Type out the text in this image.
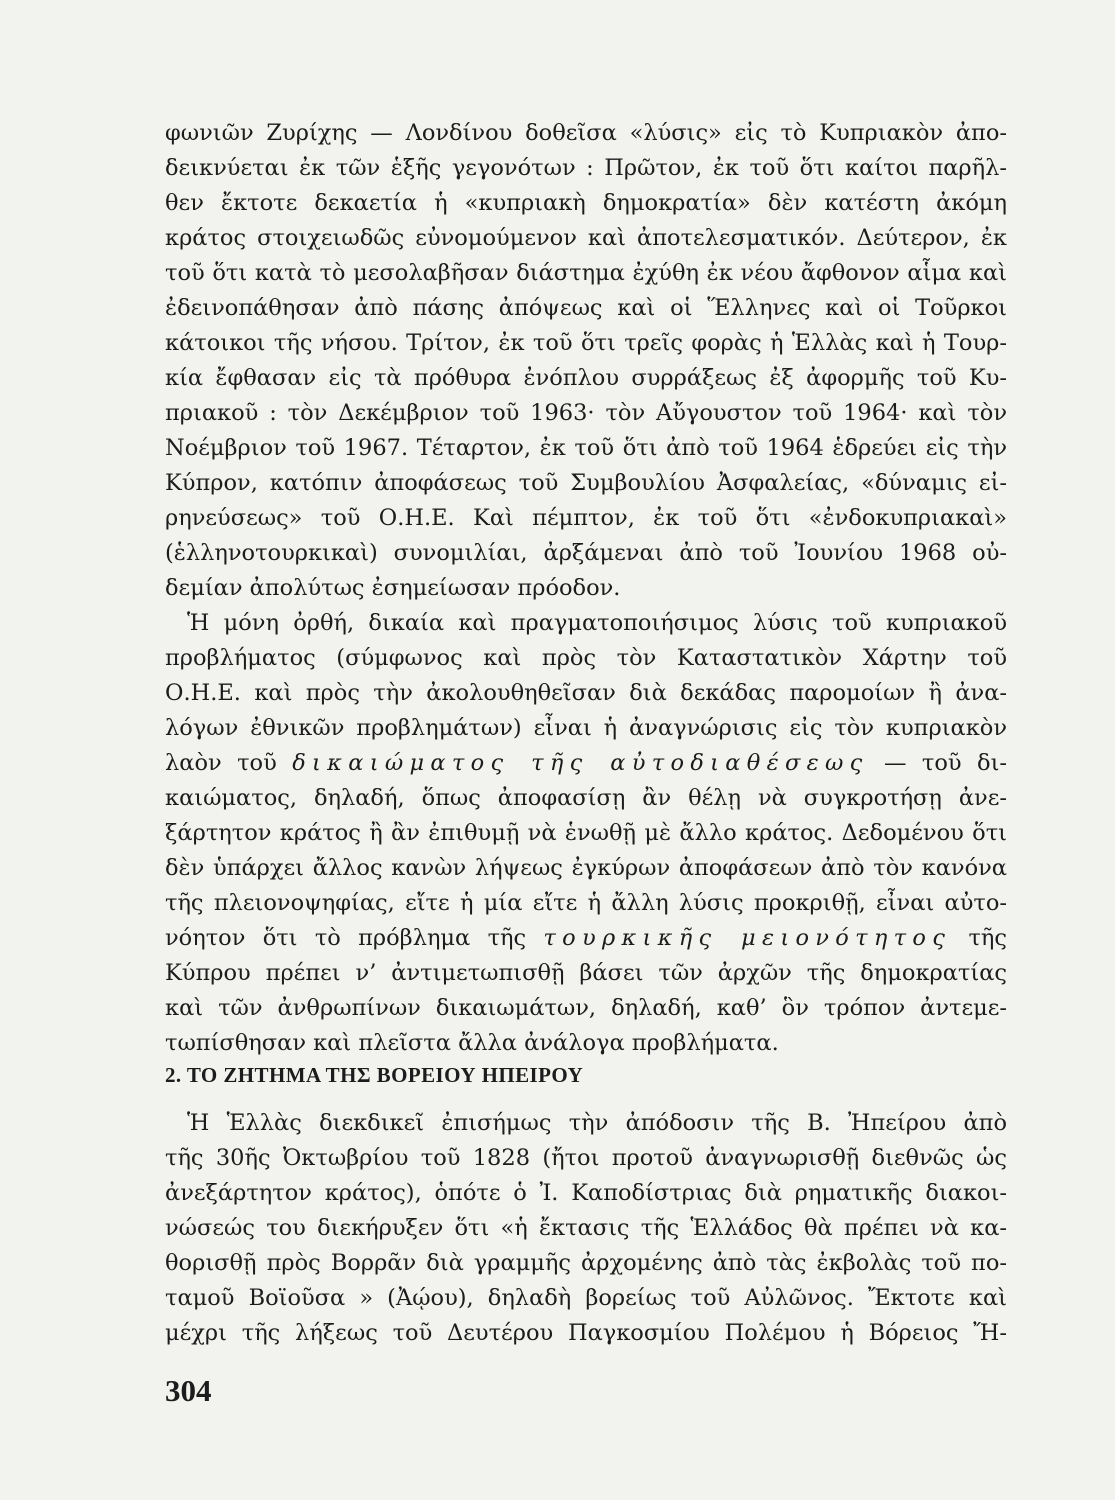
φωνιῶν Ζυρίχης — Λονδίνου δοθεῖσα «λύσις» εἰς τὸ Κυπριακὸν ἀπο-
δεικνύεται ἐκ τῶν ἑξῆς γεγονότων : Πρῶτον, ἐκ τοῦ ὅτι καίτοι παρῆλ-
θεν ἔκτοτε δεκαετία ἡ «κυπριακὴ δημοκρατία» δὲν κατέστη ἀκόμη
κράτος στοιχειωδῶς εὐνομούμενον καὶ ἀποτελεσματικόν. Δεύτερον, ἐκ
τοῦ ὅτι κατὰ τὸ μεσολαβῆσαν διάστημα ἐχύθη ἐκ νέου ἄφθονον αἷμα καὶ
ἐδεινοπάθησαν ἀπὸ πάσης ἀπόψεως καὶ οἱ Ἕλληνες καὶ οἱ Τοῦρκοι
κάτοικοι τῆς νήσου. Τρίτον, ἐκ τοῦ ὅτι τρεῖς φορὰς ἡ Ἑλλὰς καὶ ἡ Τουρ-
κία ἔφθασαν εἰς τὰ πρόθυρα ἐνόπλου συρράξεως ἐξ ἀφορμῆς τοῦ Κυ-
πριακοῦ : τὸν Δεκέμβριον τοῦ 1963· τὸν Αὔγουστον τοῦ 1964· καὶ τὸν
Νοέμβριον τοῦ 1967. Τέταρτον, ἐκ τοῦ ὅτι ἀπὸ τοῦ 1964 ἑδρεύει εἰς τὴν
Κύπρον, κατόπιν ἀποφάσεως τοῦ Συμβουλίου Ἀσφαλείας, «δύναμις εἰ-
ρηνεύσεως» τοῦ Ο.Η.Ε. Καὶ πέμπτον, ἐκ τοῦ ὅτι «ἐνδοκυπριακαὶ»
(ἑλληνοτουρκικαὶ) συνομιλίαι, ἀρξάμεναι ἀπὸ τοῦ Ἰουνίου 1968 οὐ-
δεμίαν ἀπολύτως ἐσημείωσαν πρόοδον.
Ἡ μόνη ὀρθή, δικαία καὶ πραγματοποιήσιμος λύσις τοῦ κυπριακοῦ
προβλήματος (σύμφωνος καὶ πρὸς τὸν Καταστατικὸν Χάρτην τοῦ
Ο.Η.Ε. καὶ πρὸς τὴν ἀκολουθηθεῖσαν διὰ δεκάδας παρομοίων ἢ ἀνα-
λόγων ἐθνικῶν προβλημάτων) εἶναι ἡ ἀναγνώρισις εἰς τὸν κυπριακὸν
λαὸν τοῦ δικαιώματος τῆς αὐτοδιαθέσεως — τοῦ δι-
καιώματος, δηλαδή, ὅπως ἀποφασίσῃ ἂν θέλῃ νὰ συγκροτήσῃ ἀνε-
ξάρτητον κράτος ἢ ἂν ἐπιθυμῇ νὰ ἑνωθῇ μὲ ἄλλο κράτος. Δεδομένου ὅτι
δὲν ὑπάρχει ἄλλος κανὼν λήψεως ἐγκύρων ἀποφάσεων ἀπὸ τὸν κανόνα
τῆς πλειονοψηφίας, εἴτε ἡ μία εἴτε ἡ ἄλλη λύσις προκριθῇ, εἶναι αὐτο-
νόητον ὅτι τὸ πρόβλημα τῆς τουρκικῆς μειονότητος τῆς
Κύπρου πρέπει ν’ ἀντιμετωπισθῇ βάσει τῶν ἀρχῶν τῆς δημοκρατίας
καὶ τῶν ἀνθρωπίνων δικαιωμάτων, δηλαδή, καθ’ ὃν τρόπον ἀντεμε-
τωπίσθησαν καὶ πλεῖστα ἄλλα ἀνάλογα προβλήματα.
2. ΤΟ ΖΗΤΗΜΑ ΤΗΣ ΒΟΡΕΙΟΥ ΗΠΕΙΡΟΥ
Ἡ Ἑλλὰς διεκδικεῖ ἐπισήμως τὴν ἀπόδοσιν τῆς Β. Ἠπείρου ἀπὸ
τῆς 30ῆς Ὀκτωβρίου τοῦ 1828 (ἤτοι προτοῦ ἀναγνωρισθῇ διεθνῶς ὡς
ἀνεξάρτητον κράτος), ὁπότε ὁ Ἰ. Καποδίστριας διὰ ρηματικῆς διακοι-
νώσεώς του διεκήρυξεν ὅτι «ἡ ἔκτασις τῆς Ἑλλάδος θὰ πρέπει νὰ κα-
θορισθῇ πρὸς Βορρᾶν διὰ γραμμῆς ἀρχομένης ἀπὸ τὰς ἐκβολὰς τοῦ πο-
ταμοῦ Βοϊοῦσα » (Ἀῴου), δηλαδὴ βορείως τοῦ Αὐλῶνος. Ἔκτοτε καὶ
μέχρι τῆς λήξεως τοῦ Δευτέρου Παγκοσμίου Πολέμου ἡ Βόρειος Ἤ-
304
